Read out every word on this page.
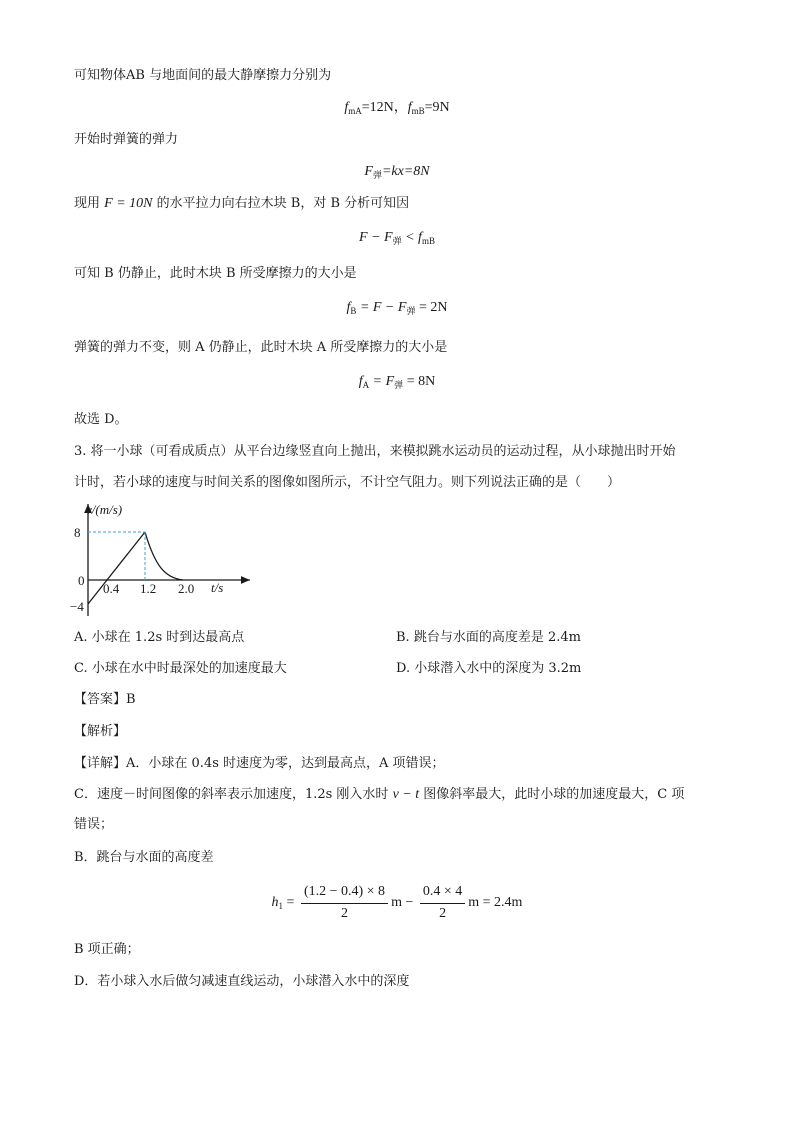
可知物体AB 与地面间的最大静摩擦力分别为
$f_{mA}=12N$，$f_{mB}=9N$
开始时弹簧的弹力
$F_弹=kx=8N$
现用 F = 10N 的水平拉力向右拉木块 B，对 B 分析可知因
$F - F_弹 < f_{mB}$
可知 B 仍静止，此时木块 B 所受摩擦力的大小是
$f_B = F - F_弹 = 2N$
弹簧的弹力不变，则 A 仍静止，此时木块 A 所受摩擦力的大小是
$f_A = F_弹 = 8N$
故选 D。
3. 将一小球（可看成质点）从平台边缘竖直向上抛出，来模拟跳水运动员的运动过程，从小球抛出时开始
计时，若小球的速度与时间关系的图像如图所示，不计空气阻力。则下列说法正确的是（　　）
v/(m/s)
t/s
8
0
−4
0.4 1.2 2.0
A. 小球在 1.2s 时到达最高点	B. 跳台与水面的高度差是 2.4m
C. 小球在水中时最深处的加速度最大	D. 小球潜入水中的深度为 3.2m
【答案】B
【解析】
【详解】A．小球在 0.4s 时速度为零，达到最高点，A 项错误；
C．速度－时间图像的斜率表示加速度，1.2s 刚入水时 v − t 图像斜率最大，此时小球的加速度最大，C 项
错误；
B．跳台与水面的高度差
$h_1 = \frac{(1.2 - 0.4) \times 8}{2}$ $m - \frac{0.4 \times 4}{2}$ m = 2.4m
B 项正确；
D．若小球入水后做匀减速直线运动，小球潜入水中的深度
